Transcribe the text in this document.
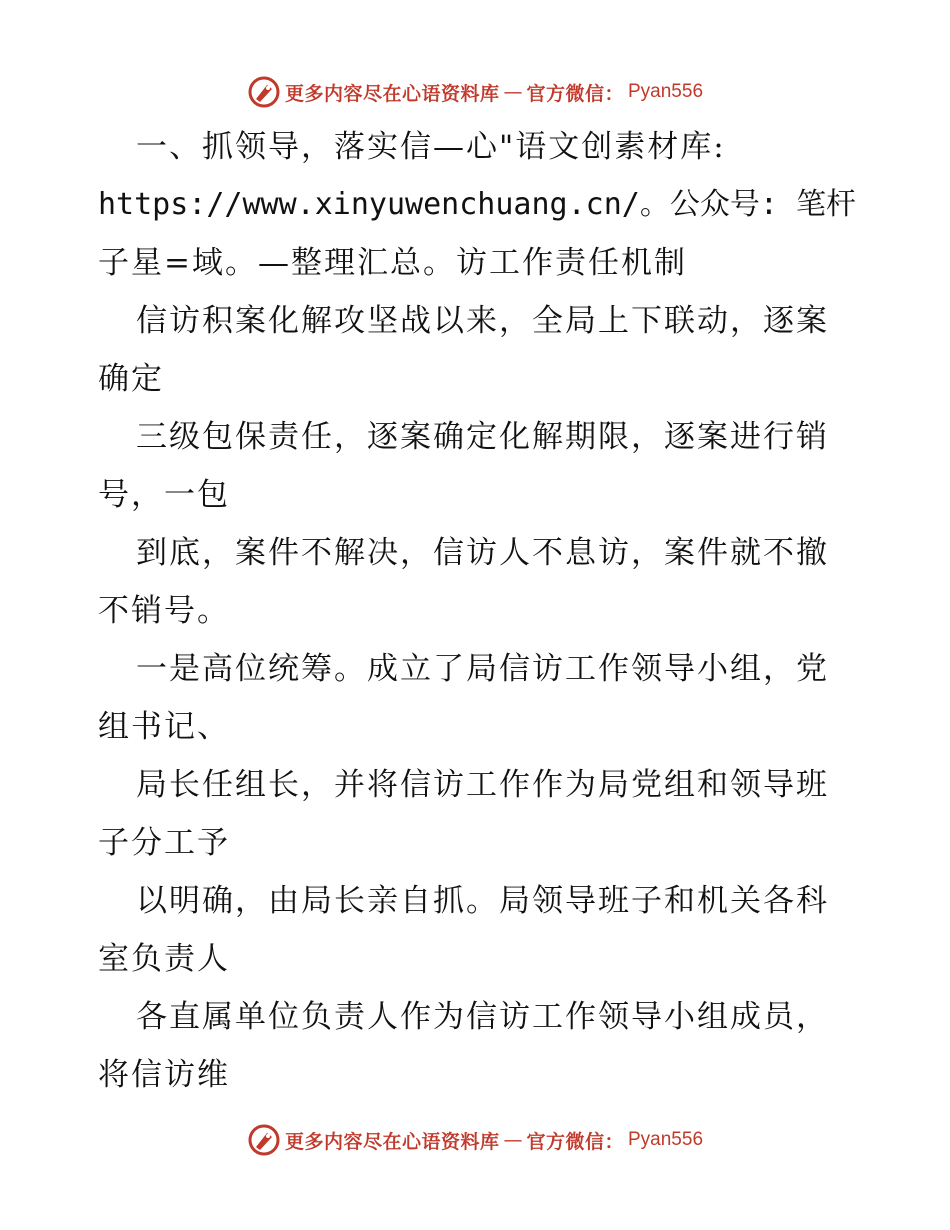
更多内容尽在心语资料库 — 官方微信： Pyan556
一、抓领导，落实信—心"语文创素材库:
https://www.xinyuwenchuang.cn/。公众号: 笔杆
子星=域。—整理汇总。访工作责任机制
信访积案化解攻坚战以来，全局上下联动，逐案
确定
三级包保责任，逐案确定化解期限，逐案进行销
号，一包
到底，案件不解决，信访人不息访，案件就不撤
不销号。
一是高位统筹。成立了局信访工作领导小组，党
组书记、
局长任组长，并将信访工作作为局党组和领导班
子分工予
以明确，由局长亲自抓。局领导班子和机关各科
室负责人
各直属单位负责人作为信访工作领导小组成员，
将信访维
更多内容尽在心语资料库 — 官方微信： Pyan556
